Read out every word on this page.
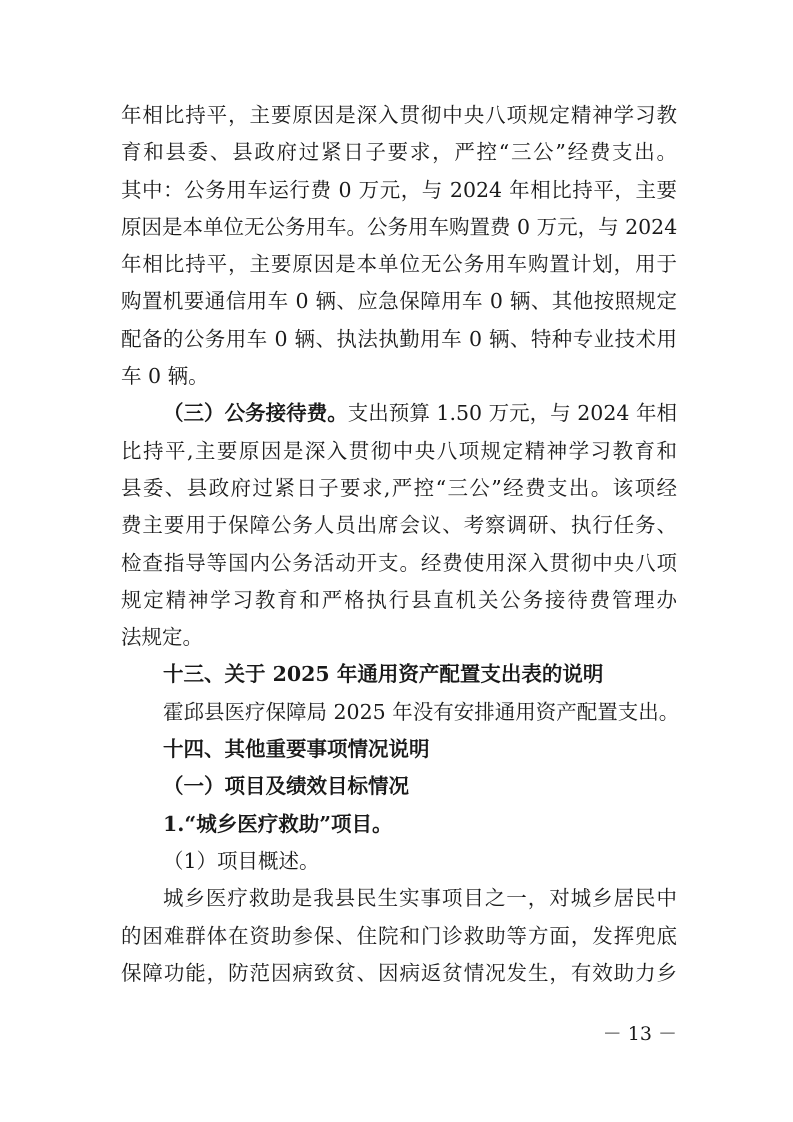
年相比持平，主要原因是深入贯彻中央八项规定精神学习教
育和县委、县政府过紧日子要求，严控“三公”经费支出。
其中：公务用车运行费 0 万元，与 2024 年相比持平，主要
原因是本单位无公务用车。公务用车购置费 0 万元，与 2024
年相比持平，主要原因是本单位无公务用车购置计划，用于
购置机要通信用车 0 辆、应急保障用车 0 辆、其他按照规定
配备的公务用车 0 辆、执法执勤用车 0 辆、特种专业技术用
车 0 辆。
（三）公务接待费。支出预算 1.50 万元，与 2024 年相
比持平,主要原因是深入贯彻中央八项规定精神学习教育和
县委、县政府过紧日子要求,严控“三公”经费支出。该项经
费主要用于保障公务人员出席会议、考察调研、执行任务、
检查指导等国内公务活动开支。经费使用深入贯彻中央八项
规定精神学习教育和严格执行县直机关公务接待费管理办
法规定。
十三、关于 2025 年通用资产配置支出表的说明
霍邱县医疗保障局 2025 年没有安排通用资产配置支出。
十四、其他重要事项情况说明
（一）项目及绩效目标情况
1.“城乡医疗救助”项目。
（1）项目概述。
城乡医疗救助是我县民生实事项目之一，对城乡居民中
的困难群体在资助参保、住院和门诊救助等方面，发挥兜底
保障功能，防范因病致贫、因病返贫情况发生，有效助力乡
－ 13 －
